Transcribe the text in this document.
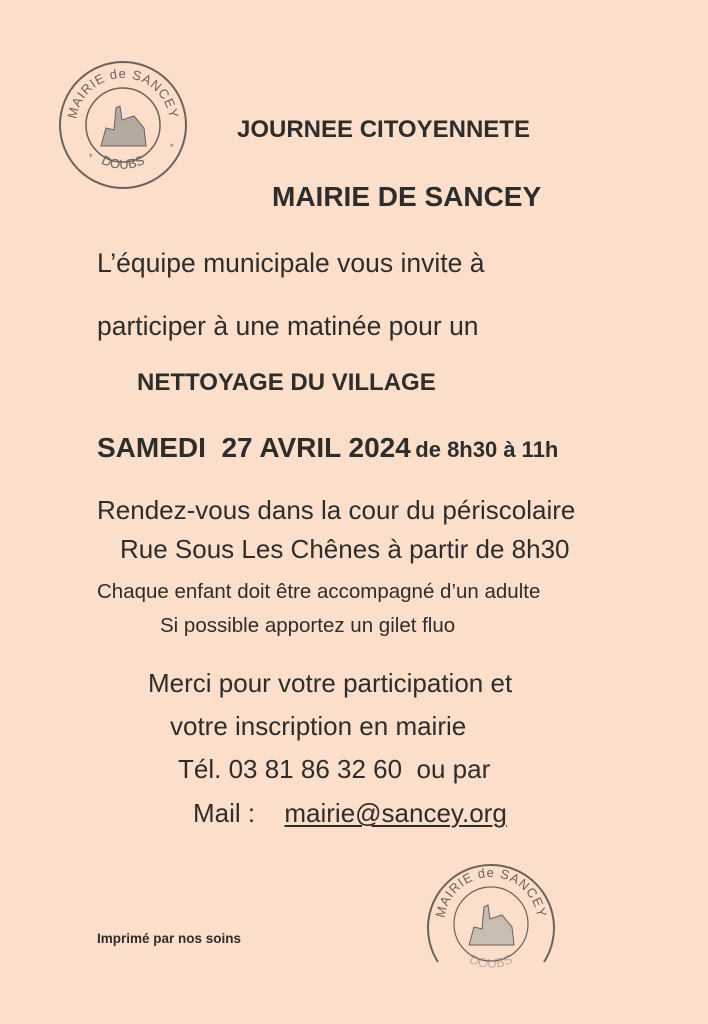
MAIRIE de SANCEY
DOUBS
*
*
JOURNEE CITOYENNETE
MAIRIE DE SANCEY
L’équipe municipale vous invite à
participer à une matinée pour un
NETTOYAGE DU VILLAGE
SAMEDI  27 AVRIL 2024 de 8h30 à 11h
Rendez-vous dans la cour du périscolaire
Rue Sous Les Chênes à partir de 8h30
Chaque enfant doit être accompagné d’un adulte
Si possible apportez un gilet fluo
Merci pour votre participation et
votre inscription en mairie
Tél. 03 81 86 32 60  ou par
Mail : mairie@sancey.org
MAIRIE de SANCEY
DOUBS
Imprimé par nos soins
